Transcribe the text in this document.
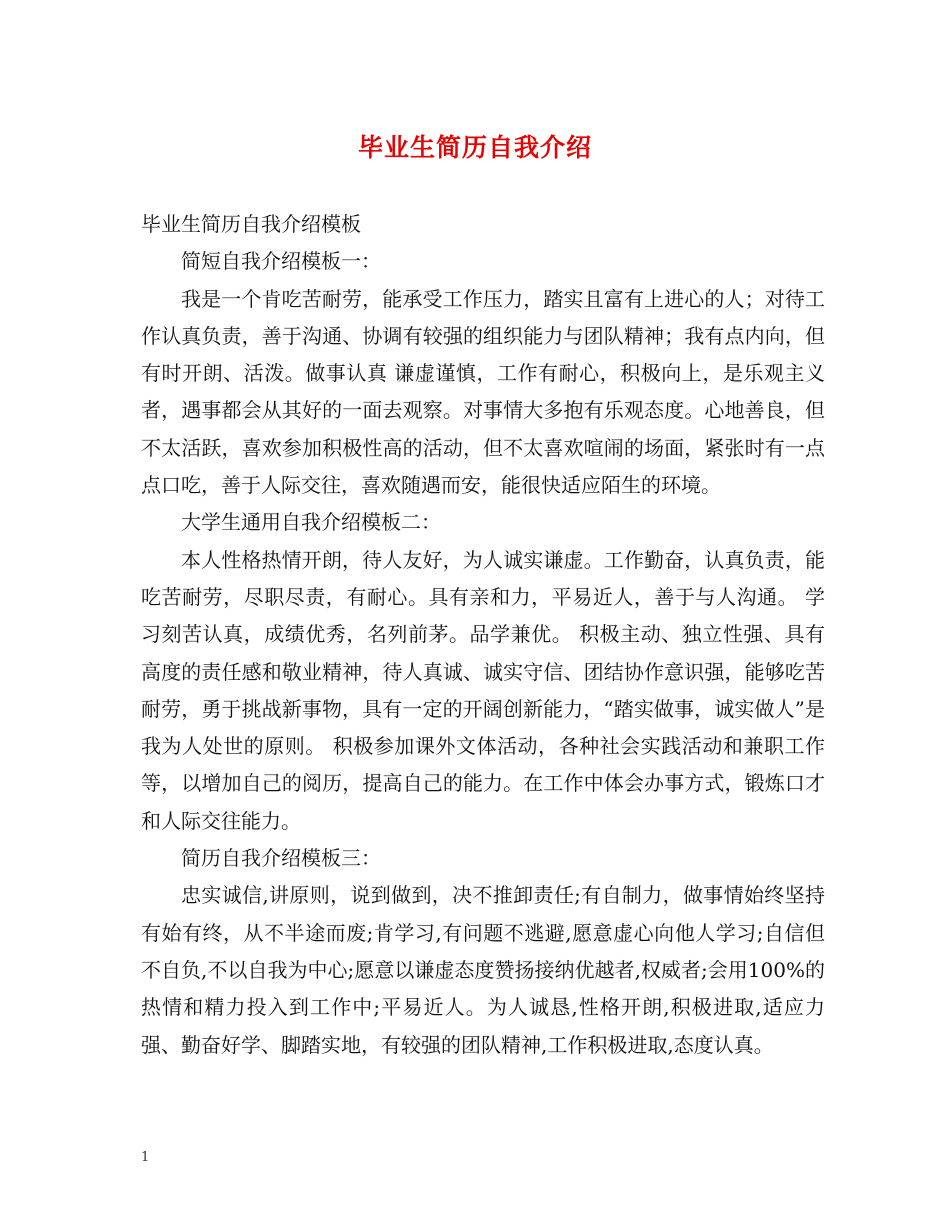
毕业生简历自我介绍

毕业生简历自我介绍模板

简短自我介绍模板一：

我是一个肯吃苦耐劳，能承受工作压力，踏实且富有上进心的人；对待工作认真负责，善于沟通、协调有较强的组织能力与团队精神；我有点内向，但有时开朗、活泼。做事认真 谦虚谨慎，工作有耐心，积极向上，是乐观主义者，遇事都会从其好的一面去观察。对事情大多抱有乐观态度。心地善良，但不太活跃，喜欢参加积极性高的活动，但不太喜欢喧闹的场面，紧张时有一点点口吃，善于人际交往，喜欢随遇而安，能很快适应陌生的环境。

大学生通用自我介绍模板二：

本人性格热情开朗，待人友好，为人诚实谦虚。工作勤奋，认真负责，能吃苦耐劳，尽职尽责，有耐心。具有亲和力，平易近人，善于与人沟通。 学习刻苦认真，成绩优秀，名列前茅。品学兼优。 积极主动、独立性强、具有高度的责任感和敬业精神，待人真诚、诚实守信、团结协作意识强，能够吃苦耐劳，勇于挑战新事物，具有一定的开阔创新能力，“踏实做事，诚实做人”是我为人处世的原则。 积极参加课外文体活动，各种社会实践活动和兼职工作等，以增加自己的阅历，提高自己的能力。在工作中体会办事方式，锻炼口才和人际交往能力。

简历自我介绍模板三：

忠实诚信,讲原则，说到做到，决不推卸责任;有自制力，做事情始终坚持有始有终，从不半途而废;肯学习,有问题不逃避,愿意虚心向他人学习;自信但不自负,不以自我为中心;愿意以谦虚态度赞扬接纳优越者,权威者;会用100%的热情和精力投入到工作中;平易近人。为人诚恳,性格开朗,积极进取,适应力强、勤奋好学、脚踏实地，有较强的团队精神,工作积极进取,态度认真。

1
